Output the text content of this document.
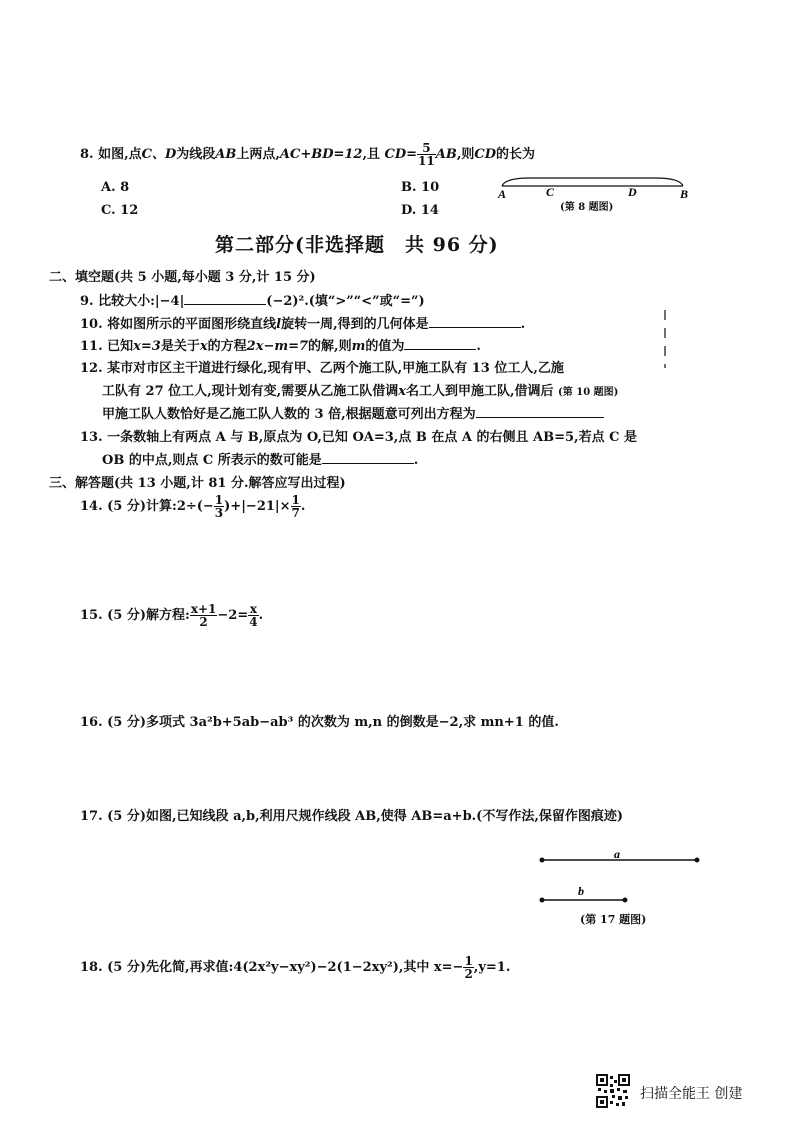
8. 如图,点C、D为线段AB上两点,AC+BD=12,且 $CD= \frac{5}{11}$ AB,则CD的长为
A. 8	B. 10
C. 12	D. 14
A	C	D	B
(第 8 题图)
第二部分(非选择题　共 96 分)
二、填空题(共 5 小题,每小题 3 分,计 15 分)
9. 比较大小:|−4|	(−2)².(填“>”“<”或“=”)
10. 将如图所示的平面图形绕直线l旋转一周,得到的几何体是	.
11. 已知x=3是关于x的方程2x−m=7的解,则m的值为	.
12. 某市对市区主干道进行绿化,现有甲、乙两个施工队,甲施工队有 13 位工人,乙施
工队有 27 位工人,现计划有变,需要从乙施工队借调x名工人到甲施工队,借调后 (第 10 题图)
甲施工队人数恰好是乙施工队人数的 3 倍,根据题意可列出方程为
13. 一条数轴上有两点 A 与 B,原点为 O,已知 OA=3,点 B 在点 A 的右侧且 AB=5,若点 C 是
OB 的中点,则点 C 所表示的数可能是	.
三、解答题(共 13 小题,计 81 分.解答应写出过程)
14. (5 分)计算:2÷(− $\frac{1}{3} )+|-21|\times \frac{1}{7}$ .
15. (5 分)解方程: $\frac{x+1}{2} -2= \frac{x}{4}$ .
16. (5 分)多项式 3a²b+5ab−ab³ 的次数为 m,n 的倒数是−2,求 mn+1 的值.
17. (5 分)如图,已知线段 a,b,利用尺规作线段 AB,使得 AB=a+b.(不写作法,保留作图痕迹)
a
b
(第 17 题图)
18. (5 分)先化简,再求值:4(2x²y−xy²)−2(1−2xy²),其中 $x=- \frac{1}{2} ,y=1$.
扫描全能王 创建
